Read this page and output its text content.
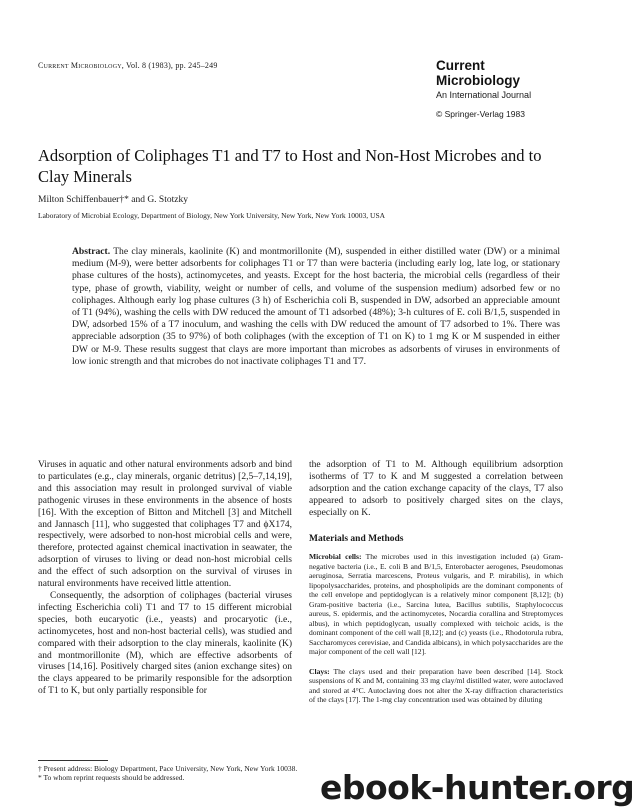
Current Microbiology, Vol. 8 (1983), pp. 245–249	Current
Microbiology
An International Journal
© Springer-Verlag 1983
Adsorption of Coliphages T1 and T7 to Host and Non-Host Microbes and to Clay Minerals
Milton Schiffenbauer†* and G. Stotzky
Laboratory of Microbial Ecology, Department of Biology, New York University, New York, New York 10003, USA
Abstract. The clay minerals, kaolinite (K) and montmorillonite (M), suspended in either distilled water (DW) or a minimal medium (M-9), were better adsorbents for coliphages T1 or T7 than were bacteria (including early log, late log, or stationary phase cultures of the hosts), actinomycetes, and yeasts. Except for the host bacteria, the microbial cells (regardless of their type, phase of growth, viability, weight or number of cells, and volume of the suspension medium) adsorbed few or no coliphages. Although early log phase cultures (3 h) of Escherichia coli B, suspended in DW, adsorbed an appreciable amount of T1 (94%), washing the cells with DW reduced the amount of T1 adsorbed (48%); 3-h cultures of E. coli B/1,5, suspended in DW, adsorbed 15% of a T7 inoculum, and washing the cells with DW reduced the amount of T7 adsorbed to 1%. There was appreciable adsorption (35 to 97%) of both coliphages (with the exception of T1 on K) to 1 mg K or M suspended in either DW or M-9. These results suggest that clays are more important than microbes as adsorbents of viruses in environments of low ionic strength and that microbes do not inactivate coliphages T1 and T7.

Viruses in aquatic and other natural environments adsorb and bind to particulates (e.g., clay minerals, organic detritus) [2,5–7,14,19], and this association may result in prolonged survival of viable pathogenic viruses in these environments in the absence of hosts [16]. With the exception of Bitton and Mitchell [3] and Mitchell and Jannasch [11], who suggested that coliphages T7 and ϕX174, respectively, were adsorbed to non-host microbial cells and were, therefore, protected against chemical inactivation in seawater, the adsorption of viruses to living or dead non-host microbial cells and the effect of such adsorption on the survival of viruses in natural environments have received little attention.

Consequently, the adsorption of coliphages (bacterial viruses infecting Escherichia coli) T1 and T7 to 15 different microbial species, both eucaryotic (i.e., yeasts) and procaryotic (i.e., actinomycetes, host and non-host bacterial cells), was studied and compared with their adsorption to the clay minerals, kaolinite (K) and montmorillonite (M), which are effective adsorbents of viruses [14,16]. Positively charged sites (anion exchange sites) on the clays appeared to be primarily responsible for the adsorption of T1 to K, but only partially responsible for

the adsorption of T1 to M. Although equilibrium adsorption isotherms of T7 to K and M suggested a correlation between adsorption and the cation exchange capacity of the clays, T7 also appeared to adsorb to positively charged sites on the clays, especially on K.

Materials and Methods

Microbial cells: The microbes used in this investigation included (a) Gram-negative bacteria (i.e., E. coli B and B/1,5, Enterobacter aerogenes, Pseudomonas aeruginosa, Serratia marcescens, Proteus vulgaris, and P. mirabilis), in which lipopolysaccharides, proteins, and phospholipids are the dominant components of the cell envelope and peptidoglycan is a relatively minor component [8,12]; (b) Gram-positive bacteria (i.e., Sarcina lutea, Bacillus subtilis, Staphylococcus aureus, S. epidermis, and the actinomycetes, Nocardia corallina and Streptomyces albus), in which peptidoglycan, usually complexed with teichoic acids, is the dominant component of the cell wall [8,12]; and (c) yeasts (i.e., Rhodotorula rubra, Saccharomyces cerevisiae, and Candida albicans), in which polysaccharides are the major component of the cell wall [12].

Clays: The clays used and their preparation have been described [14]. Stock suspensions of K and M, containing 33 mg clay/ml distilled water, were autoclaved and stored at 4°C. Autoclaving does not alter the X-ray diffraction characteristics of the clays [17]. The 1-mg clay concentration used was obtained by diluting

† Present address: Biology Department, Pace University, New York, New York 10038.
* To whom reprint requests should be addressed.	ebook-hunter.org
